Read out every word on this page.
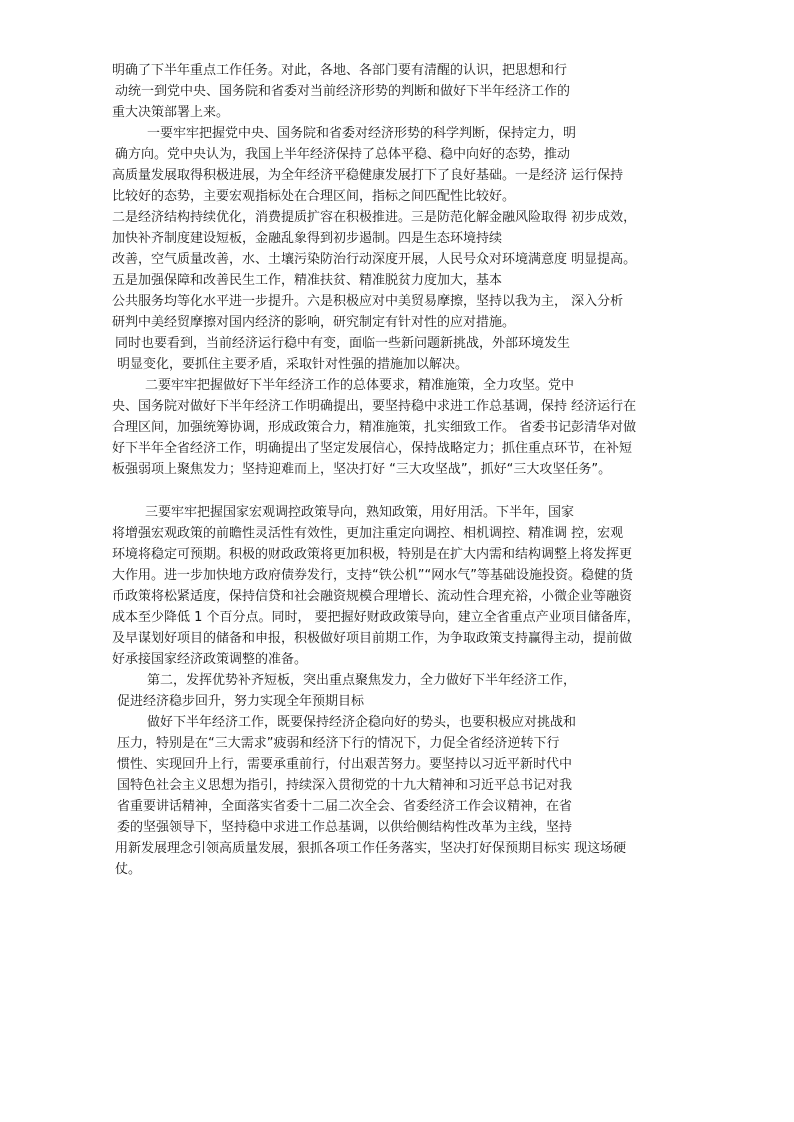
明确了下半年重点工作任务。对此，各地、各部门要有清醒的认识，把思想和行
动统一到党中央、国务院和省委对当前经济形势的判断和做好下半年经济工作的
重大决策部署上来。
一要牢牢把握党中央、国务院和省委对经济形势的科学判断，保持定力，明
确方向。党中央认为，我国上半年经济保持了总体平稳、稳中向好的态势，推动
高质量发展取得积极进展，为全年经济平稳健康发展打下了良好基础。一是经济 运行保持
比较好的态势，主要宏观指标处在合理区间，指标之间匹配性比较好。
二是经济结构持续优化，消费提质扩容在积极推进。三是防范化解金融风险取得 初步成效，
加快补齐制度建设短板，金融乱象得到初步遏制。四是生态环境持续
改善，空气质量改善，水、土壤污染防治行动深度开展，人民号众对环境满意度 明显提高。
五是加强保障和改善民生工作，精准扶贫、精准脱贫力度加大，基本
公共服务均等化水平进一步提升。六是积极应对中美贸易摩擦，坚持以我为主， 深入分析
研判中美经贸摩擦对国内经济的影响，研究制定有针对性的应对措施。
同时也要看到，当前经济运行稳中有变，面临一些新问题新挑战，外部环境发生
明显变化，要抓住主要矛盾，采取针对性强的措施加以解决。
二要牢牢把握做好下半年经济工作的总体要求，精准施策，全力攻坚。党中
央、国务院对做好下半年经济工作明确提出，要坚持稳中求进工作总基调，保持 经济运行在
合理区间，加强统筹协调，形成政策合力，精准施策，扎实细致工作。 省委书记彭清华对做
好下半年全省经济工作，明确提出了坚定发展信心，保持战略定力；抓住重点环节，在补短
板强弱项上聚焦发力；坚持迎难而上，坚决打好 “三大攻坚战”，抓好“三大攻坚任务”。
三要牢牢把握国家宏观调控政策导向，熟知政策，用好用活。下半年，国家
将增强宏观政策的前瞻性灵活性有效性，更加注重定向调控、相机调控、精准调 控，宏观
环境将稳定可预期。积极的财政政策将更加积极，特别是在扩大内需和结构调整上将发挥更
大作用。进一步加快地方政府债券发行，支持“铁公机”“网水气”等基础设施投资。稳健的货
币政策将松紧适度，保持信贷和社会融资规模合理增长、流动性合理充裕，小微企业等融资
成本至少降低 1 个百分点。同时， 要把握好财政政策导向，建立全省重点产业项目储备库，
及早谋划好项目的储备和申报，积极做好项目前期工作，为争取政策支持赢得主动，提前做
好承接国家经济政策调整的准备。
第二，发挥优势补齐短板，突出重点聚焦发力，全力做好下半年经济工作，
促进经济稳步回升，努力实现全年预期目标
做好下半年经济工作，既要保持经济企稳向好的势头，也要积极应对挑战和
压力，特别是在“三大需求”疲弱和经济下行的情况下，力促全省经济逆转下行
惯性、实现回升上行，需要承重前行，付出艰苦努力。要坚持以习近平新时代中
国特色社会主义思想为指引，持续深入贯彻党的十九大精神和习近平总书记对我
省重要讲话精神，全面落实省委十二届二次全会、省委经济工作会议精神，在省
委的坚强领导下，坚持稳中求进工作总基调，以供给侧结构性改革为主线，坚持
用新发展理念引领高质量发展，狠抓各项工作任务落实，坚决打好保预期目标实 现这场硬
仗。
